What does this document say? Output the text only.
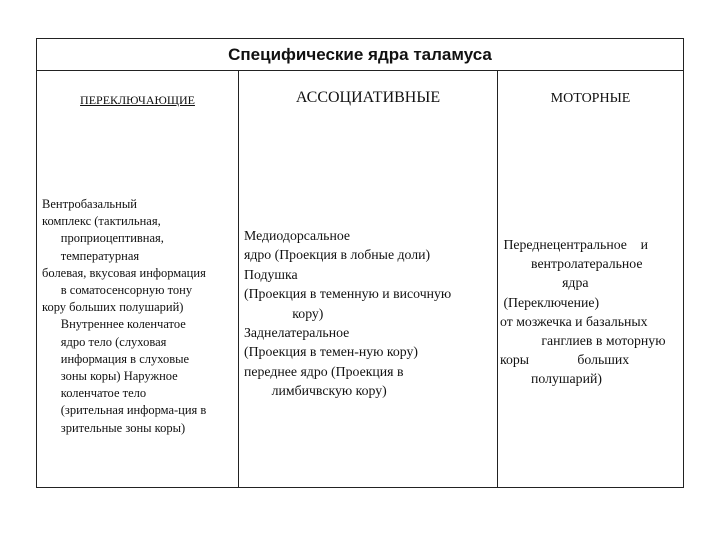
Специфические ядра таламуса
ПЕРЕКЛЮЧАЮЩИЕ
Вентробазальный
комплекс (тактильная,
проприоцептивная,
температурная
болевая, вкусовая информация
в соматосенсорную тону
кору больших полушарий)
Внутреннее коленчатое
ядро тело (слуховая
информация в слуховые
зоны коры) Наружное
коленчатое тело
(зрительная информа-ция в
зрительные зоны коры)
АССОЦИАТИВНЫЕ
Медиодорсальное
ядро (Проекция в лобные доли)
Подушка
(Проекция в теменную и височную
кору)
Заднелатеральное
(Проекция в темен-ную кору)
переднее ядро (Проекция в
лимбичвскую кору)
МОТОРНЫЕ
Переднецентральное    и
вентролатеральное
ядра
(Переключение)
от мозжечка и базальных
ганглиев в моторную
коры              больших
полушарий)
